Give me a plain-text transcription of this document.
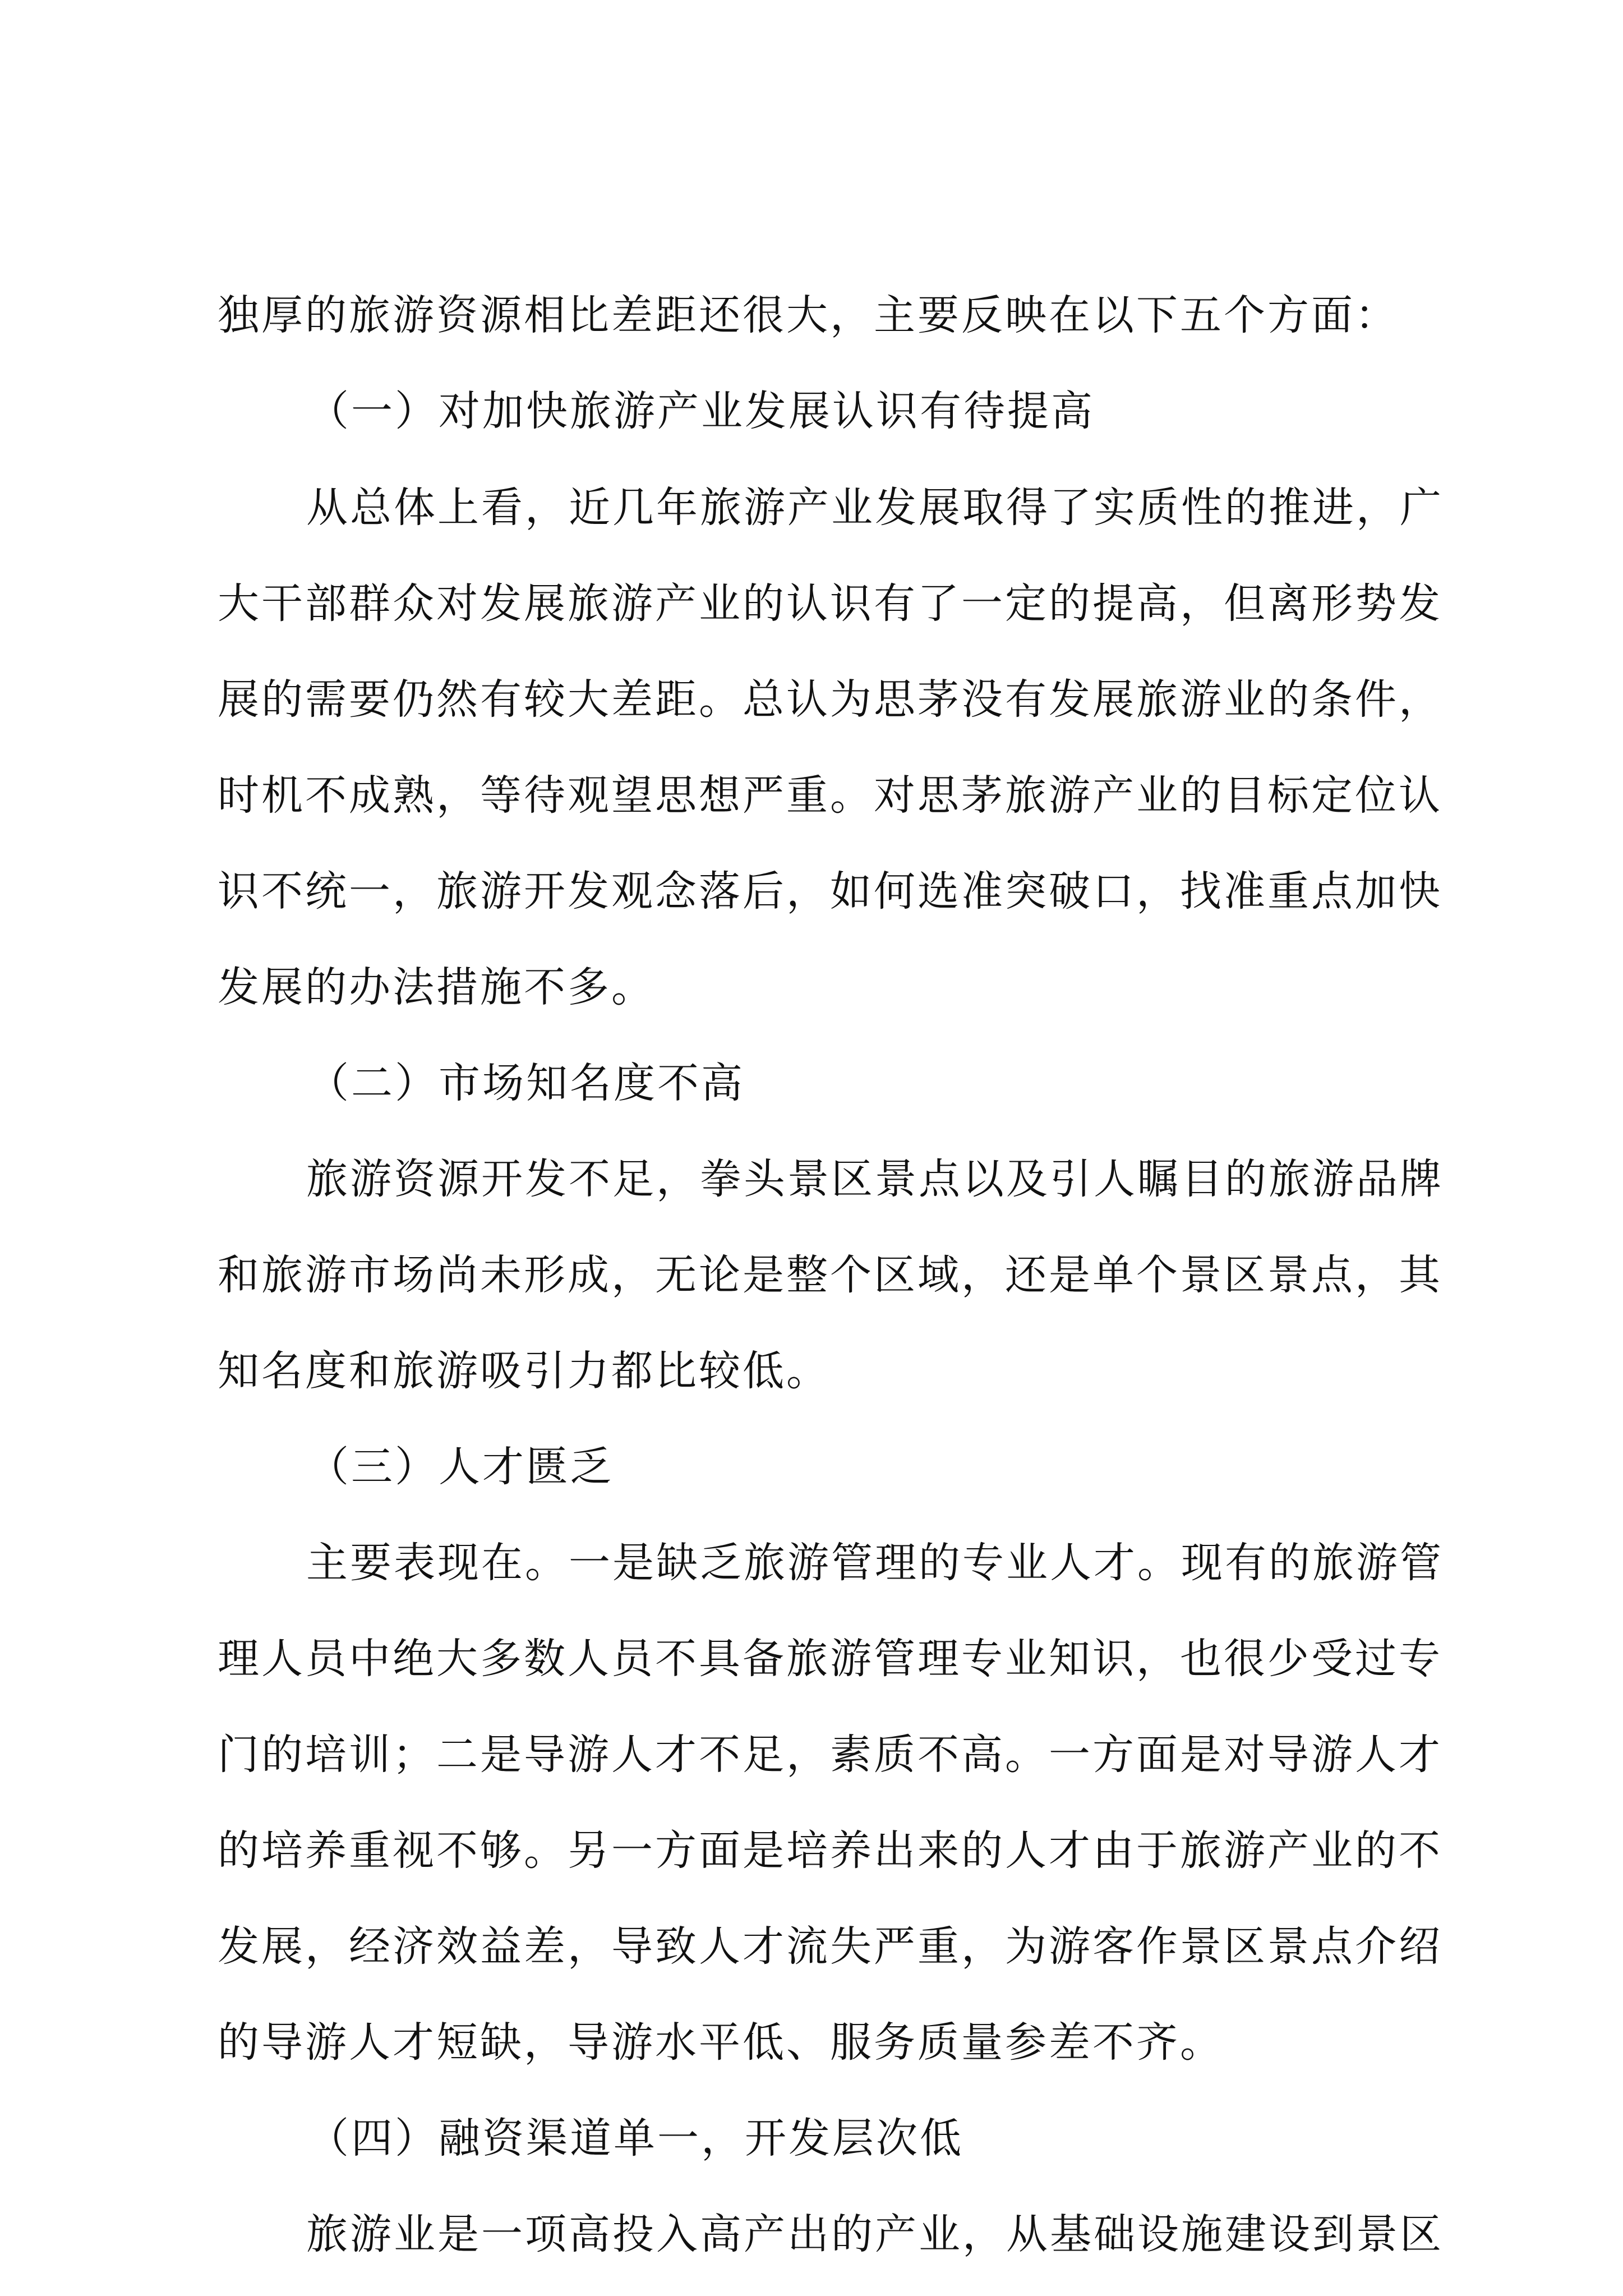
独厚的旅游资源相比差距还很大，主要反映在以下五个方面：
（一）对加快旅游产业发展认识有待提高
从总体上看，近几年旅游产业发展取得了实质性的推进，广
大干部群众对发展旅游产业的认识有了一定的提高，但离形势发
展的需要仍然有较大差距。总认为思茅没有发展旅游业的条件，
时机不成熟，等待观望思想严重。对思茅旅游产业的目标定位认
识不统一，旅游开发观念落后，如何选准突破口，找准重点加快
发展的办法措施不多。
（二）市场知名度不高
旅游资源开发不足，拳头景区景点以及引人瞩目的旅游品牌
和旅游市场尚未形成，无论是整个区域，还是单个景区景点，其
知名度和旅游吸引力都比较低。
（三）人才匮乏
主要表现在。一是缺乏旅游管理的专业人才。现有的旅游管
理人员中绝大多数人员不具备旅游管理专业知识，也很少受过专
门的培训；二是导游人才不足，素质不高。一方面是对导游人才
的培养重视不够。另一方面是培养出来的人才由于旅游产业的不
发展，经济效益差，导致人才流失严重，为游客作景区景点介绍
的导游人才短缺，导游水平低、服务质量参差不齐。
（四）融资渠道单一，开发层次低
旅游业是一项高投入高产出的产业，从基础设施建设到景区
